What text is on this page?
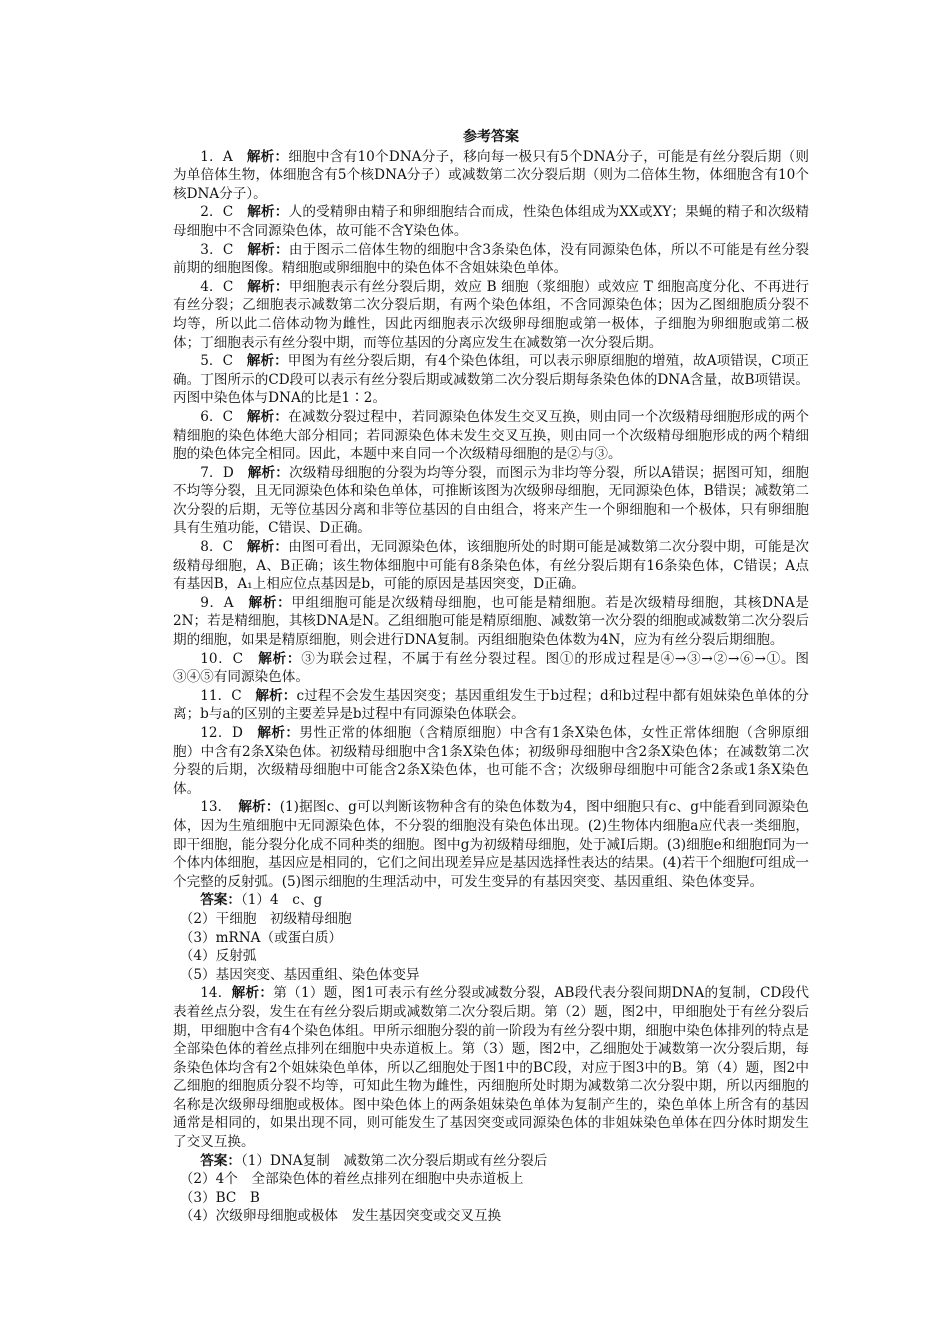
参考答案

1．A　 解析：细胞中含有10个DNA分子，移向每一极只有5个DNA分子，可能是有丝分裂后期（则为单倍体生物，体细胞含有5个核DNA分子）或减数第二次分裂后期（则为二倍体生物，体细胞含有10个核DNA分子）。

2．C　 解析：人的受精卵由精子和卵细胞结合而成，性染色体组成为XX或XY；果蝇的精子和次级精母细胞中不含同源染色体，故可能不含Y染色体。

3．C　 解析：由于图示二倍体生物的细胞中含3条染色体，没有同源染色体，所以不可能是有丝分裂前期的细胞图像。精细胞或卵细胞中的染色体不含姐妹染色单体。

4．C　 解析：甲细胞表示有丝分裂后期，效应 B 细胞（浆细胞）或效应 T 细胞高度分化、不再进行有丝分裂；乙细胞表示减数第二次分裂后期，有两个染色体组，不含同源染色体；因为乙图细胞质分裂不均等，所以此二倍体动物为雌性，因此丙细胞表示次级卵母细胞或第一极体，子细胞为卵细胞或第二极体；丁细胞表示有丝分裂中期，而等位基因的分离应发生在减数第一次分裂后期。

5．C　 解析：甲图为有丝分裂后期，有4个染色体组，可以表示卵原细胞的增殖，故A项错误，C项正确。丁图所示的CD段可以表示有丝分裂后期或减数第二次分裂后期每条染色体的DNA含量，故B项错误。丙图中染色体与DNA的比是1∶2。

6．C　 解析：在减数分裂过程中，若同源染色体发生交叉互换，则由同一个次级精母细胞形成的两个精细胞的染色体绝大部分相同；若同源染色体未发生交叉互换，则由同一个次级精母细胞形成的两个精细胞的染色体完全相同。因此，本题中来自同一个次级精母细胞的是②与③。

7．D　 解析：次级精母细胞的分裂为均等分裂，而图示为非均等分裂，所以A错误；据图可知，细胞不均等分裂，且无同源染色体和染色单体，可推断该图为次级卵母细胞，无同源染色体，B错误；减数第二次分裂的后期，无等位基因分离和非等位基因的自由组合，将来产生一个卵细胞和一个极体，只有卵细胞具有生殖功能，C错误、D正确。

8．C　 解析：由图可看出，无同源染色体，该细胞所处的时期可能是减数第二次分裂中期，可能是次级精母细胞，A、B正确；该生物体细胞中可能有8条染色体，有丝分裂后期有16条染色体，C错误；A点有基因B，A₁上相应位点基因是b，可能的原因是基因突变，D正确。

9．A　 解析：甲组细胞可能是次级精母细胞，也可能是精细胞。若是次级精母细胞，其核DNA是2N；若是精细胞，其核DNA是N。乙组细胞可能是精原细胞、减数第一次分裂的细胞或减数第二次分裂后期的细胞，如果是精原细胞，则会进行DNA复制。丙组细胞染色体数为4N，应为有丝分裂后期细胞。

10．C　 解析：③为联会过程，不属于有丝分裂过程。图①的形成过程是④→③→②→⑥→①。图③④⑤有同源染色体。

11．C　 解析：c过程不会发生基因突变；基因重组发生于b过程；d和b过程中都有姐妹染色单体的分离；b与a的区别的主要差异是b过程中有同源染色体联会。

12．D　 解析：男性正常的体细胞（含精原细胞）中含有1条X染色体，女性正常体细胞（含卵原细胞）中含有2条X染色体。初级精母细胞中含1条X染色体；初级卵母细胞中含2条X染色体；在减数第二次分裂的后期，次级精母细胞中可能含2条X染色体，也可能不含；次级卵母细胞中可能含2条或1条X染色体。

13．　 解析：(1)据图c、g可以判断该物种含有的染色体数为4，图中细胞只有c、g中能看到同源染色体，因为生殖细胞中无同源染色体，不分裂的细胞没有染色体出现。(2)生物体内细胞a应代表一类细胞，即干细胞，能分裂分化成不同种类的细胞。图中g为初级精母细胞，处于减Ⅰ后期。(3)细胞e和细胞f同为一个体内体细胞，基因应是相同的，它们之间出现差异应是基因选择性表达的结果。(4)若干个细胞f可组成一个完整的反射弧。(5)图示细胞的生理活动中，可发生变异的有基因突变、基因重组、染色体变异。

答案：（1）4　c、g

（2）干细胞　初级精母细胞

（3）mRNA（或蛋白质）

（4）反射弧

（5）基因突变、基因重组、染色体变异

14．解析：第（1）题，图1可表示有丝分裂或减数分裂，AB段代表分裂间期DNA的复制，CD段代表着丝点分裂，发生在有丝分裂后期或减数第二次分裂后期。第（2）题，图2中，甲细胞处于有丝分裂后期，甲细胞中含有4个染色体组。甲所示细胞分裂的前一阶段为有丝分裂中期，细胞中染色体排列的特点是全部染色体的着丝点排列在细胞中央赤道板上。第（3）题，图2中，乙细胞处于减数第一次分裂后期，每条染色体均含有2个姐妹染色单体，所以乙细胞处于图1中的BC段，对应于图3中的B。第（4）题，图2中乙细胞的细胞质分裂不均等，可知此生物为雌性，丙细胞所处时期为减数第二次分裂中期，所以丙细胞的名称是次级卵母细胞或极体。图中染色体上的两条姐妹染色单体为复制产生的，染色单体上所含有的基因通常是相同的，如果出现不同，则可能发生了基因突变或同源染色体的非姐妹染色单体在四分体时期发生了交叉互换。

答案：（1）DNA复制　减数第二次分裂后期或有丝分裂后

（2）4个　全部染色体的着丝点排列在细胞中央赤道板上

（3）BC　B

（4）次级卵母细胞或极体　发生基因突变或交叉互换
